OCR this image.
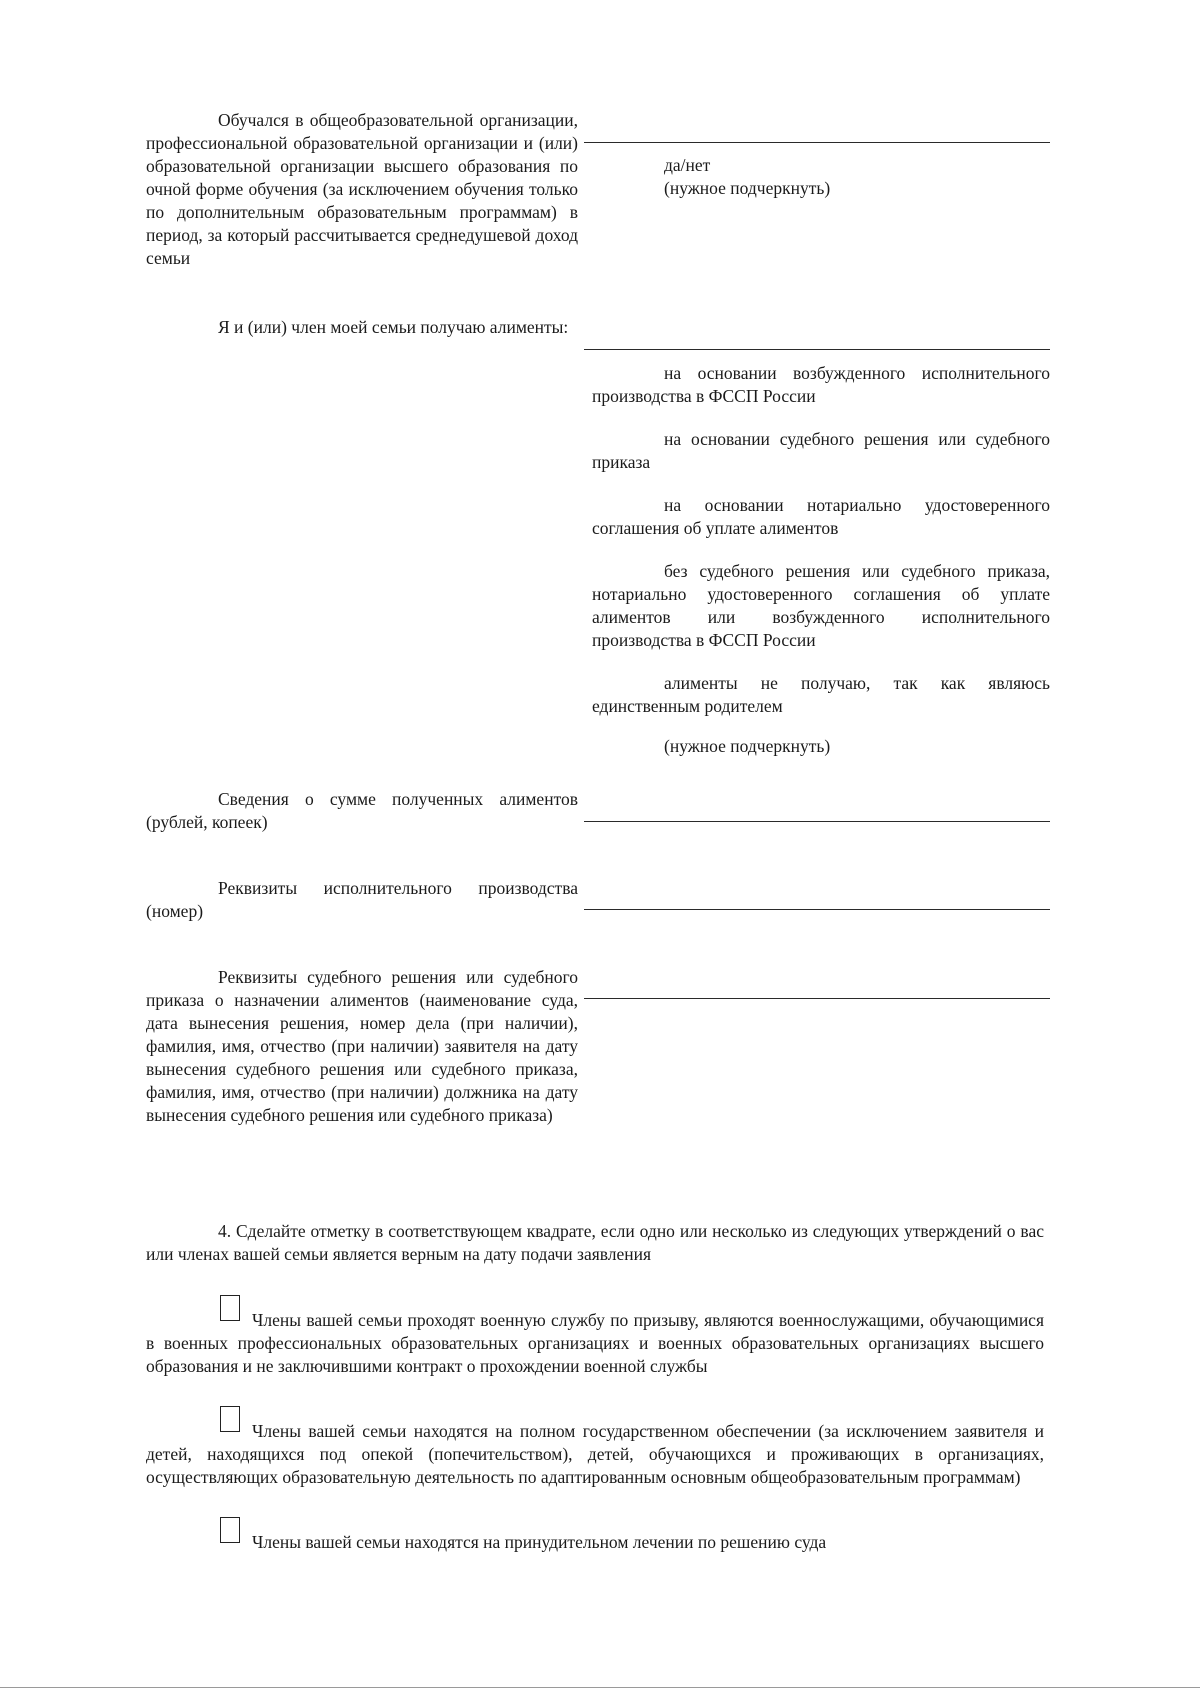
Обучался в общеобразовательной организации, профессиональной образовательной организации и (или) образовательной организации высшего образования по очной форме обучения (за исключением обучения только по дополнительным образовательным программам) в период, за который рассчитывается среднедушевой доход семьи

да/нет

(нужное подчеркнуть)

Я и (или) член моей семьи получаю алименты:

на основании возбужденного исполнительного производства в ФССП России

на основании судебного решения или судебного приказа

на основании нотариально удостоверенного соглашения об уплате алиментов

без судебного решения или судебного приказа, нотариально удостоверенного соглашения об уплате алиментов или возбужденного исполнительного производства в ФССП России

алименты не получаю, так как являюсь единственным родителем

(нужное подчеркнуть)

Сведения о сумме полученных алиментов (рублей, копеек)

Реквизиты исполнительного производства (номер)

Реквизиты судебного решения или судебного приказа о назначении алиментов (наименование суда, дата вынесения решения, номер дела (при наличии), фамилия, имя, отчество (при наличии) заявителя на дату вынесения судебного решения или судебного приказа, фамилия, имя, отчество (при наличии) должника на дату вынесения судебного решения или судебного приказа)

4. Сделайте отметку в соответствующем квадрате, если одно или несколько из следующих утверждений о вас или членах вашей семьи является верным на дату подачи заявления

Члены вашей семьи проходят военную службу по призыву, являются военнослужащими, обучающимися в военных профессиональных образовательных организациях и военных образовательных организациях высшего образования и не заключившими контракт о прохождении военной службы

Члены вашей семьи находятся на полном государственном обеспечении (за исключением заявителя и детей, находящихся под опекой (попечительством), детей, обучающихся и проживающих в организациях, осуществляющих образовательную деятельность по адаптированным основным общеобразовательным программам)

Члены вашей семьи находятся на принудительном лечении по решению суда
